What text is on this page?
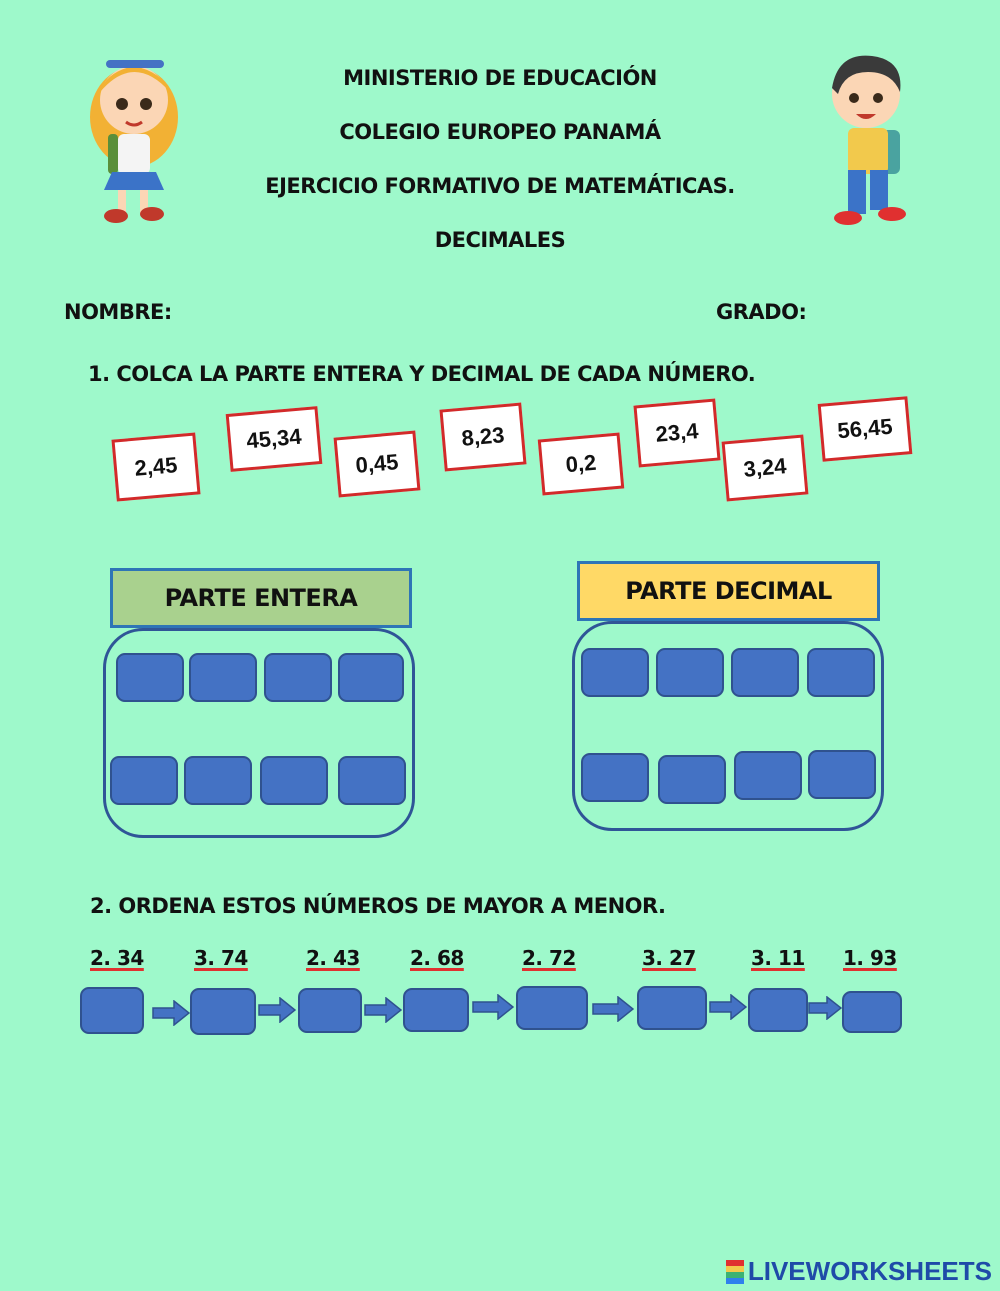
MINISTERIO DE EDUCACIÓN
COLEGIO EUROPEO PANAMÁ
EJERCICIO FORMATIVO DE MATEMÁTICAS.
DECIMALES
NOMBRE:	GRADO:
1. COLCA LA PARTE ENTERA Y DECIMAL DE CADA NÚMERO.
2,45
45,34
0,45
8,23
0,2
23,4
3,24
56,45
PARTE ENTERA	PARTE DECIMAL
2. ORDENA ESTOS NÚMEROS DE MAYOR A MENOR.
2. 34	3. 74	2. 43	2. 68	2. 72	3. 27	3. 11 1. 93
LIVEWORKSHEETS
